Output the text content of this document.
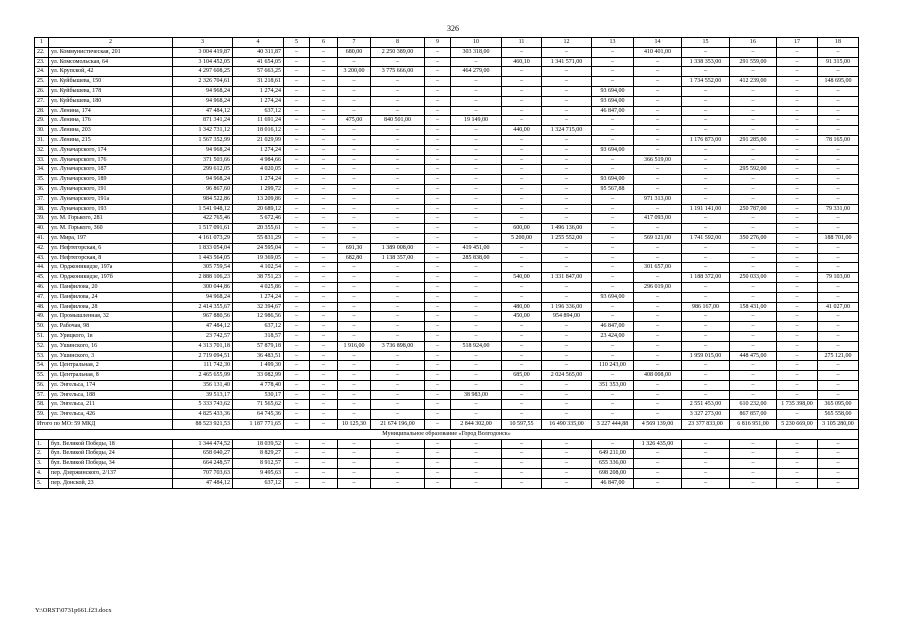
326
1	2	3	4	5	6	7	8	9	10	11	12	13	14	15	16	17	18
22.	ул. Коммунистическая, 201	3 004 419,87	40 311,87	–	–	680,00	2 250 389,00	–	303 318,00	–	–	–	410 401,00	–	–	–	–
23.	ул. Комсомольская, 64	3 104 452,05	41 654,05	–	–	–	–	–	–	460,10	1 341 571,00	–	–	1 338 353,00	291 559,00	–	91 315,00
24.	ул. Крупской, 42	4 297 608,25	57 663,25	–	–	3 200,00	3 775 666,00	–	464 279,00	–	–	–	–	–	–	–	–
25.	ул. Куйбышева, 150	2 326 704,61	31 218,61	–	–	–	–	–	–	–	–	–	–	1 734 552,00	412 239,00	–	148 695,00
26.	ул. Куйбышева, 178	94 968,24	1 274,24	–	–	–	–	–	–	–	–	93 694,00	–	–	–	–	–
27.	ул. Куйбышева, 180	94 968,24	1 274,24	–	–	–	–	–	–	–	–	93 694,00	–	–	–	–	–
28.	ул. Ленина, 174	47 484,12	637,12	–	–	–	–	–	–	–	–	46 847,00	–	–	–	–	–
29.	ул. Ленина, 176	871 341,24	11 691,24	–	–	475,00	840 501,00	–	19 149,00	–	–	–	–	–	–	–	–
30.	ул. Ленина, 203	1 342 731,12	18 016,12	–	–	–	–	–	–	440,00	1 324 715,00	–	–	–	–	–	–
31.	ул. Ленина, 215	1 567 352,99	21 029,99	–	–	–	–	–	–	–	–	–	–	1 176 873,00	291 285,00	–	78 165,00
32.	ул. Луначарского, 174	94 968,24	1 274,24	–	–	–	–	–	–	–	–	93 694,00	–	–	–	–	–
33.	ул. Луначарского, 176	371 503,66	4 984,66	–	–	–	–	–	–	–	–	–	366 519,00	–	–	–	–
34.	ул. Луначарского, 187	299 612,05	4 020,05	–	–	–	–	–	–	–	–	–	–	–	295 592,00	–	–
35.	ул. Луначарского, 189	94 968,24	1 274,24	–	–	–	–	–	–	–	–	93 694,00	–	–	–	–	–
36.	ул. Луначарского, 191	96 867,60	1 299,72	–	–	–	–	–	–	–	–	95 567,88	–	–	–	–	–
37.	ул. Луначарского, 191а	984 522,86	13 209,86	–	–	–	–	–	–	–	–	–	971 313,00	–	–	–	–
38.	ул. Луначарского, 193	1 541 948,12	20 689,12	–	–	–	–	–	–	–	–	–	–	1 191 141,00	250 787,00	–	79 331,00
39.	ул. М. Горького, 281	422 765,46	5 672,46	–	–	–	–	–	–	–	–	–	417 093,00	–	–	–	–
40.	ул. М. Горького, 360	1 517 091,61	20 355,61	–	–	–	–	–	–	600,00	1 496 136,00	–	–	–	–	–	–
41.	ул. Мира, 197	4 161 073,29	55 831,29	–	–	–	–	–	–	5 200,00	1 255 552,00	–	569 121,00	1 741 592,00	350 276,00	–	188 701,00
42.	ул. Нефтегорская, 6	1 833 054,04	24 595,04	–	–	691,30	1 389 008,00	–	419 451,00	–	–	–	–	–	–	–	–
43.	ул. Нефтегорская, 8	1 443 564,05	19 369,05	–	–	682,80	1 138 357,00	–	285 838,00	–	–	–	–	–	–	–	–
44.	ул. Орджоникидзе, 197а	305 759,54	4 102,54	–	–	–	–	–	–	–	–	–	301 657,00	–	–	–	–
45.	ул. Орджоникидзе, 197б	2 888 106,23	38 751,23	–	–	–	–	–	–	540,00	1 331 847,00	–	–	1 188 372,00	250 033,00	–	79 103,00
46.	ул. Панфилова, 20	300 044,86	4 025,86	–	–	–	–	–	–	–	–	–	296 019,00	–	–	–	–
47.	ул. Панфилова, 24	94 968,24	1 274,24	–	–	–	–	–	–	–	–	93 694,00	–	–	–	–	–
48.	ул. Панфилова, 28	2 414 355,67	32 394,67	–	–	–	–	–	–	480,00	1 196 336,00	–	–	986 167,00	158 431,00	–	41 027,00
49.	ул. Промышленная, 32	967 880,56	12 986,56	–	–	–	–	–	–	450,00	954 894,00	–	–	–	–	–	–
50.	ул. Рабочая, 98	47 484,12	637,12	–	–	–	–	–	–	–	–	46 847,00	–	–	–	–	–
51.	ул. Урицкого, 1в	23 742,57	318,57	–	–	–	–	–	–	–	–	23 424,00	–	–	–	–	–
52.	ул. Ушинского, 16	4 313 701,18	57 879,18	–	–	1 916,00	3 736 898,00	–	518 924,00	–	–	–	–	–	–	–	–
53.	ул. Ушинского, 3	2 719 094,51	36 483,51	–	–	–	–	–	–	–	–	–	–	1 959 015,00	448 475,00	–	275 121,00
54.	ул. Центральная, 2	111 742,30	1 499,30	–	–	–	–	–	–	–	–	110 243,00	–	–	–	–	–
55.	ул. Центральная, 8	2 465 655,99	33 082,99	–	–	–	–	–	–	685,00	2 024 565,00	–	408 008,00	–	–	–	–
56.	ул. Энгельса, 174	356 131,40	4 778,40	–	–	–	–	–	–	–	–	351 353,00	–	–	–	–	–
57.	ул. Энгельса, 188	39 513,17	530,17	–	–	–	–	–	38 983,00	–	–	–	–	–	–	–	–
58.	ул. Энгельса, 211	5 333 743,62	71 565,62	–	–	–	–	–	–	–	–	–	–	2 551 453,00	610 232,00	1 735 398,00	365 095,00
59.	ул. Энгельса, 426	4 825 433,36	64 745,36	–	–	–	–	–	–	–	–	–	–	3 327 273,00	867 857,00	–	565 558,00
Итого по МО: 59 МКД		88 523 921,53	1 187 771,65	–	–	10 125,30	21 674 196,00	–	2 844 302,00	10 597,55	16 490 335,00	3 227 444,88	4 569 139,00	23 377 833,00	6 816 951,00	5 230 669,00	3 105 280,00
Муниципальное образование «Город Волгодонск»																	
1.	бул. Великой Победы, 18	1 344 474,52	18 039,52	–	–	–	–	–	–	–	–	–	1 326 435,00	–	–	–	–
2.	бул. Великой Победы, 24	658 040,27	8 829,27	–	–	–	–	–	–	–	–	649 211,00	–	–	–	–	–
3.	бул. Великой Победы, 34	664 248,57	8 912,57	–	–	–	–	–	–	–	–	655 336,00	–	–	–	–	–
4.	пер. Дзержинского, 2/137	707 703,63	9 495,63	–	–	–	–	–	–	–	–	698 208,00	–	–	–	–	–
5.	пер. Донской, 23	47 484,12	637,12	–	–	–	–	–	–	–	–	46 847,00	–	–	–	–	–
Y:\ORST\0731p661.f23.docx
